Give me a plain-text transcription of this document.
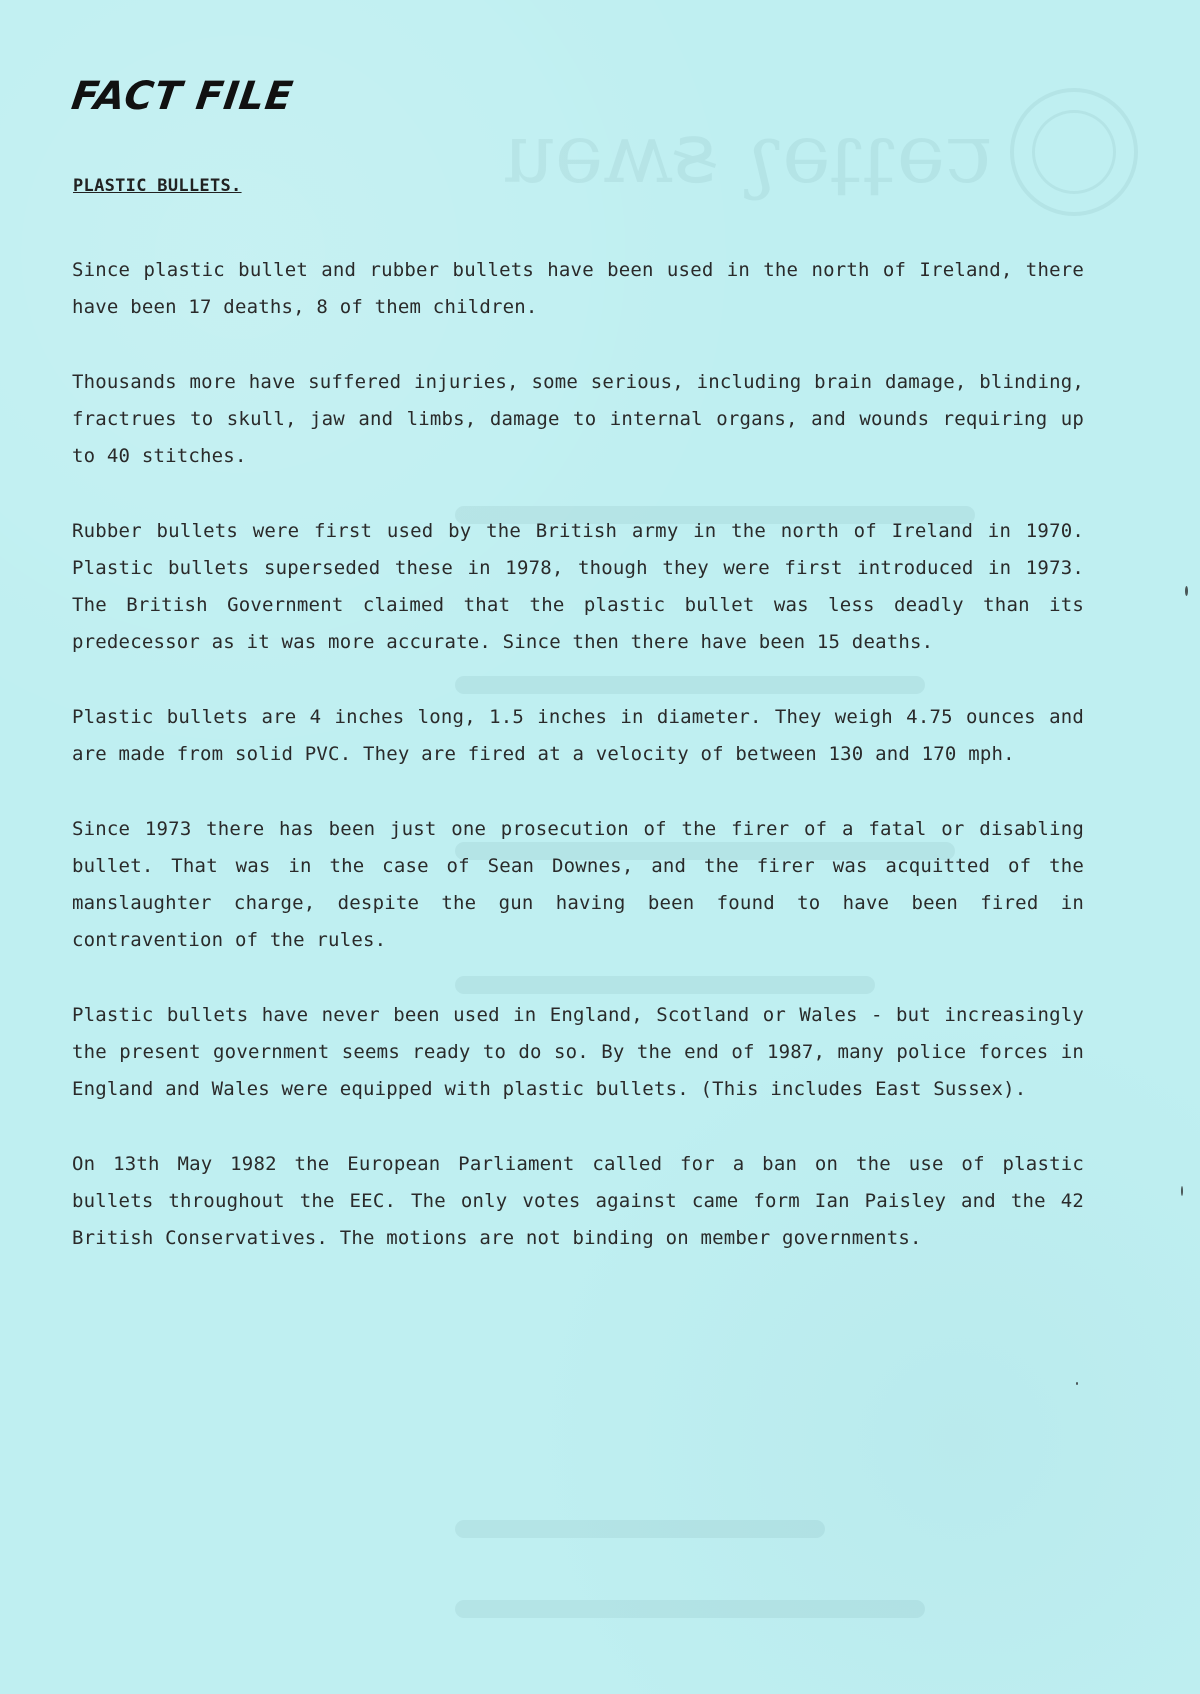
ꞇǝʇʇǝʅ ꞩʍǝu
FACT FILE
PLASTIC BULLETS.

Since plastic bullet and rubber bullets have been used in the north of Ireland, there have been 17 deaths, 8 of them children.

Thousands more have suffered injuries, some serious, including brain damage, blinding, fractrues to skull, jaw and limbs, damage to internal organs, and wounds requiring up to 40 stitches.

Rubber bullets were first used by the British army in the north of Ireland in 1970. Plastic bullets superseded these in 1978, though they were first introduced in 1973. The British Government claimed that the plastic bullet was less deadly than its predecessor as it was more accurate. Since then there have been 15 deaths.

Plastic bullets are 4 inches long, 1.5 inches in diameter. They weigh 4.75 ounces and are made from solid PVC. They are fired at a velocity of between 130 and 170 mph.

Since 1973 there has been just one prosecution of the firer of a fatal or disabling bullet. That was in the case of Sean Downes, and the firer was acquitted of the manslaughter charge, despite the gun having been found to have been fired in contravention of the rules.

Plastic bullets have never been used in England, Scotland or Wales - but increasingly the present government seems ready to do so. By the end of 1987, many police forces in England and Wales were equipped with plastic bullets. (This includes East Sussex).

On 13th May 1982 the European Parliament called for a ban on the use of plastic bullets throughout the EEC. The only votes against came form Ian Paisley and the 42 British Conservatives. The motions are not binding on member governments.
